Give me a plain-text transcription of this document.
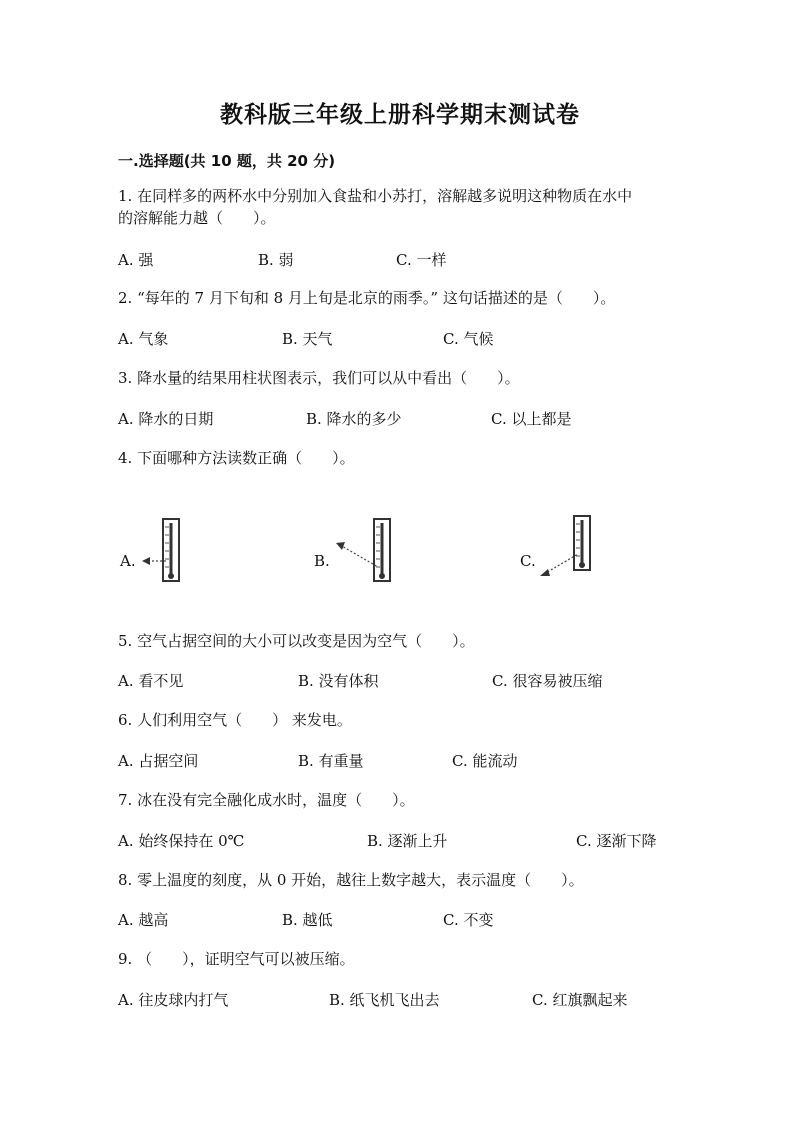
教科版三年级上册科学期末测试卷
一.选择题(共 10 题，共 20 分)
1. 在同样多的两杯水中分别加入食盐和小苏打，溶解越多说明这种物质在水中
的溶解能力越（　　）。
A. 强	B. 弱	C. 一样
2. “每年的 7 月下旬和 8 月上旬是北京的雨季。” 这句话描述的是（　　）。
A. 气象	B. 天气	C. 气候
3. 降水量的结果用柱状图表示，我们可以从中看出（　　）。
A. 降水的日期	B. 降水的多少	C. 以上都是
4. 下面哪种方法读数正确（　　）。
A.	B.	C.
5. 空气占据空间的大小可以改变是因为空气（　　）。
A. 看不见	B. 没有体积	C. 很容易被压缩
6. 人们利用空气（　　） 来发电。
A. 占据空间	B. 有重量	C. 能流动
7. 冰在没有完全融化成水时，温度（　　）。
A. 始终保持在 0℃	B. 逐渐上升	C. 逐渐下降
8. 零上温度的刻度，从 0 开始，越往上数字越大，表示温度（　　）。
A. 越高	B. 越低	C. 不变
9. （　　），证明空气可以被压缩。
A. 往皮球内打气	B. 纸飞机飞出去	C. 红旗飘起来
